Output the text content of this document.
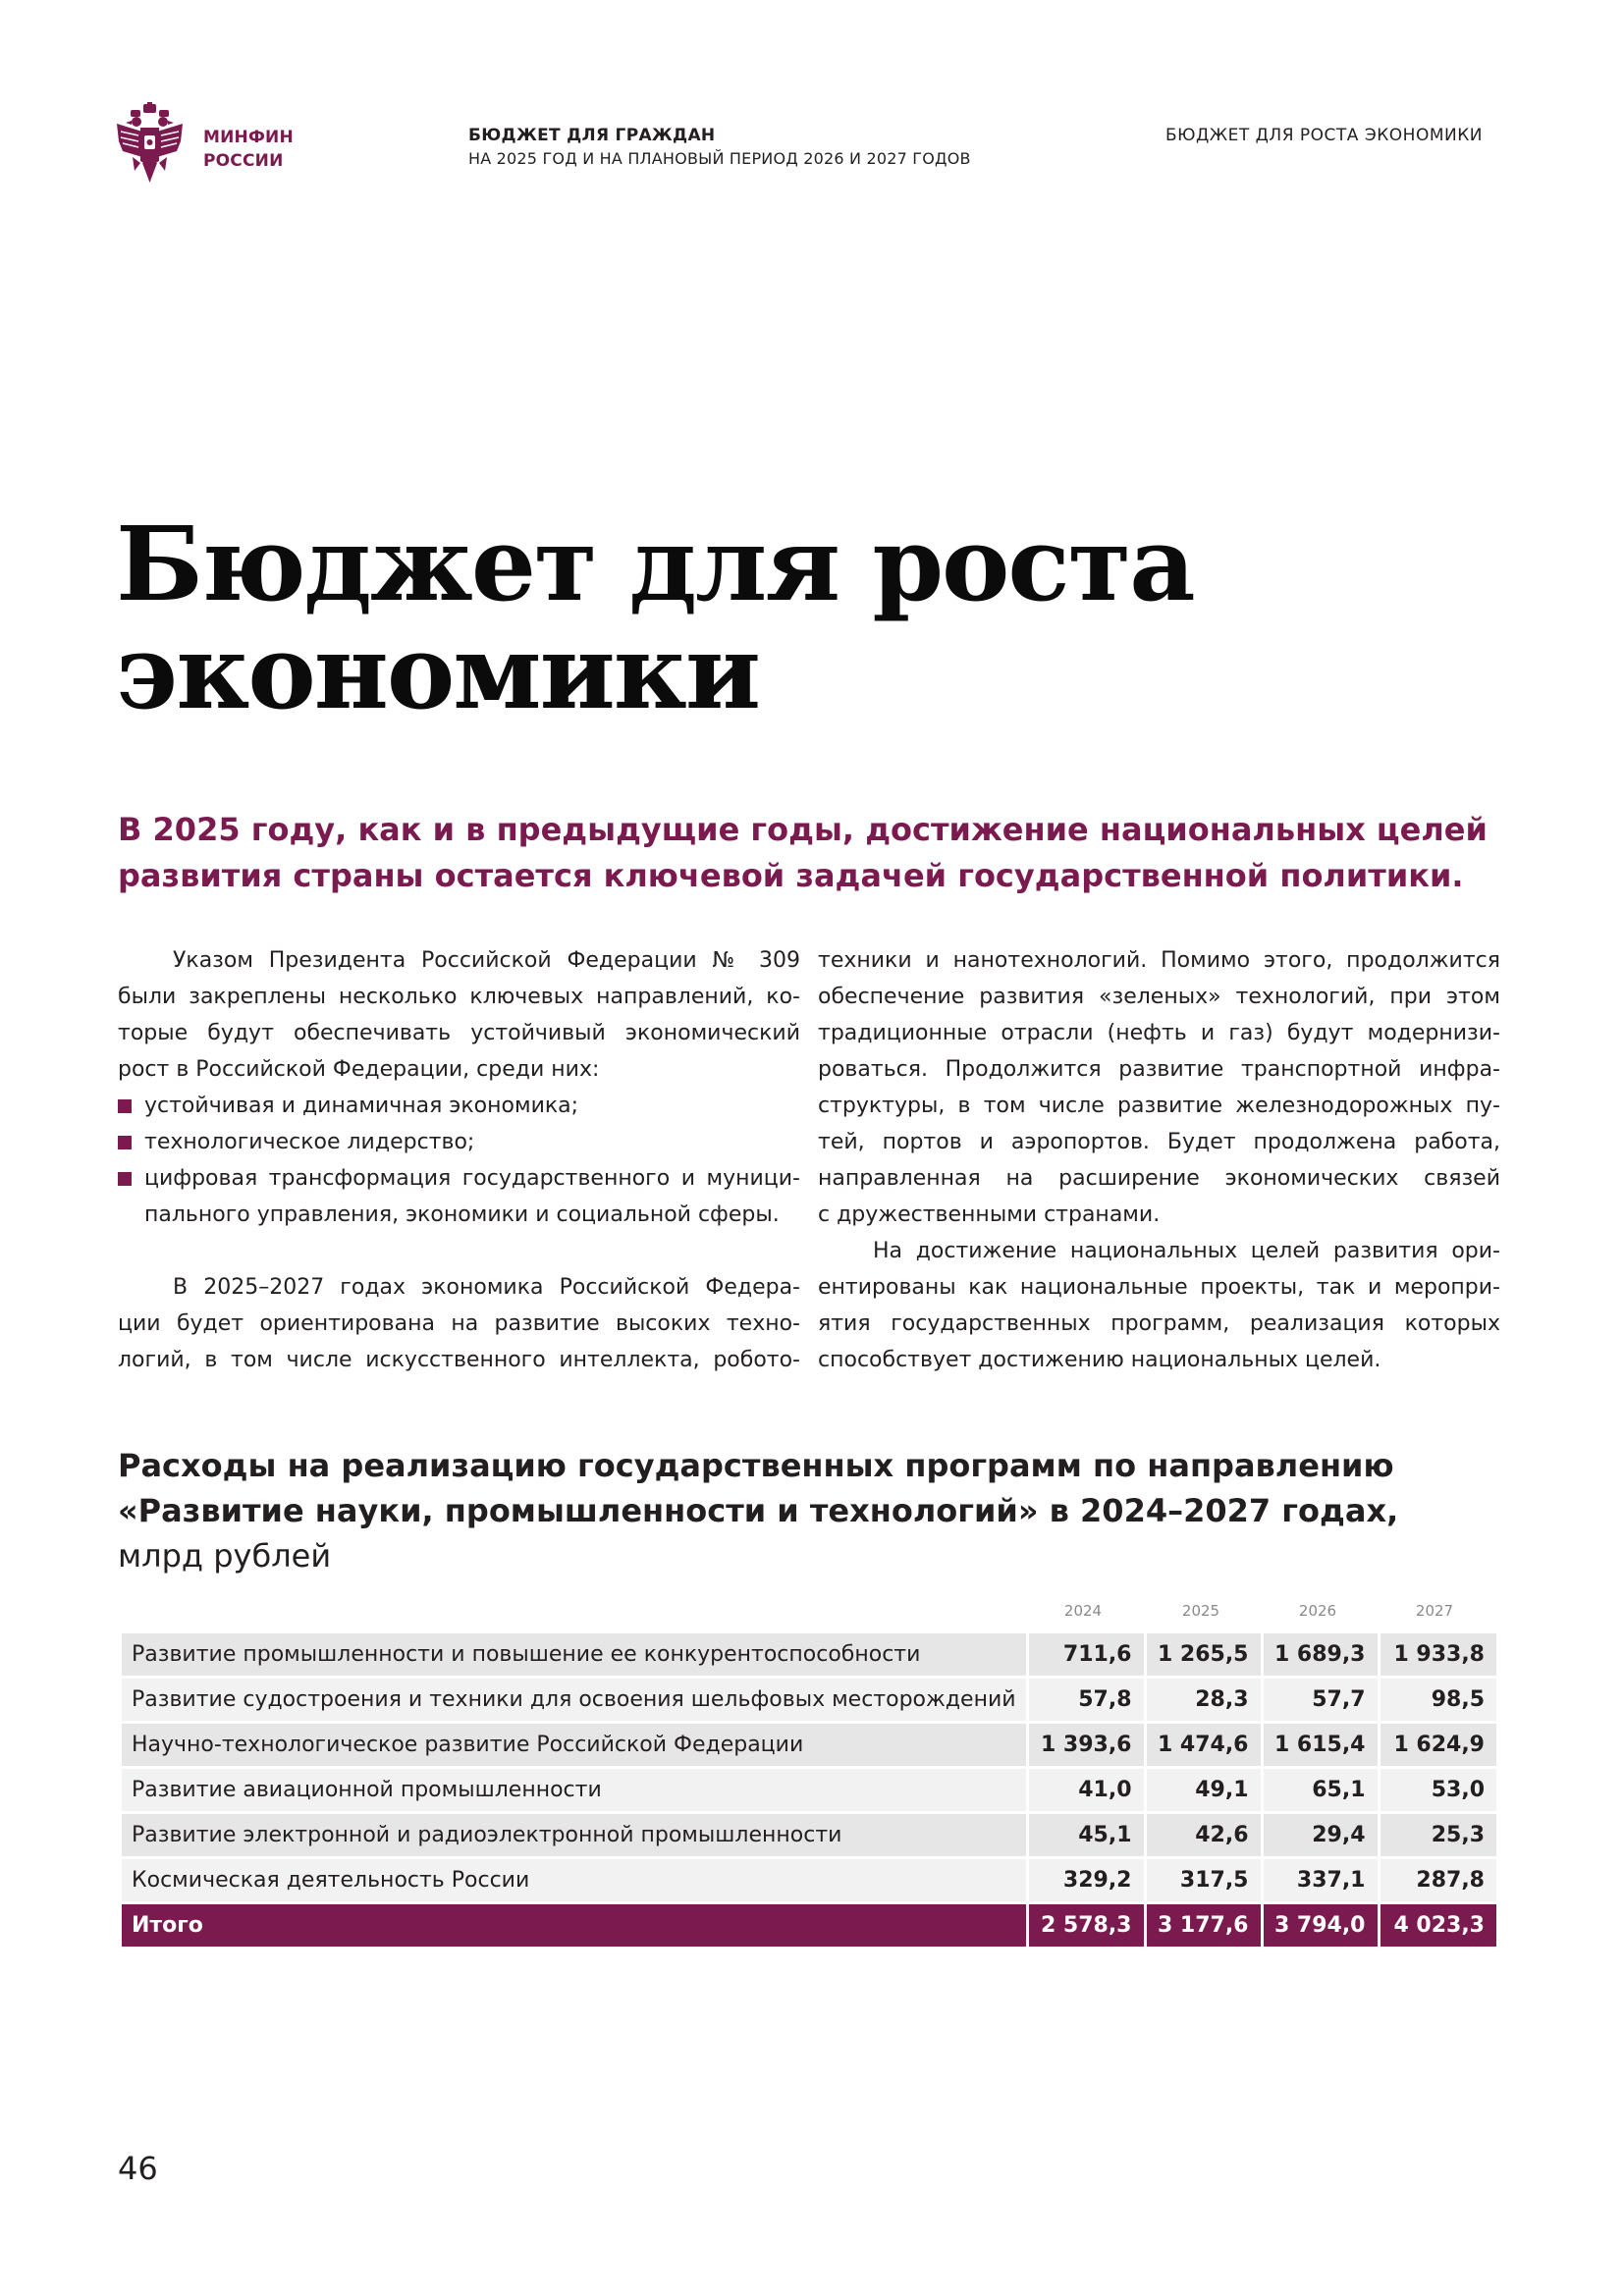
МИНФИН
РОССИИ
БЮДЖЕТ ДЛЯ ГРАЖДАН
НА 2025 ГОД И НА ПЛАНОВЫЙ ПЕРИОД 2026 И 2027 ГОДОВ
БЮДЖЕТ ДЛЯ РОСТА ЭКОНОМИКИ
Бюджет для роста
экономики

В 2025 году, как и в предыдущие годы, достижение национальных целей
развития страны остается ключевой задачей государственной политики.

Указом Президента Российской Федерации № 309
были закреплены несколько ключевых направлений, ко-
торые будут обеспечивать устойчивый экономический
рост в Российской Федерации, среди них:
устойчивая и динамичная экономика;
технологическое лидерство;
цифровая трансформация государственного и муници-
пального управления, экономики и социальной сферы.
В 2025–2027 годах экономика Российской Федера-
ции будет ориентирована на развитие высоких техно-
логий, в том числе искусственного интеллекта, робото-
техники и нанотехнологий. Помимо этого, продолжится
обеспечение развития «зеленых» технологий, при этом
традиционные отрасли (нефть и газ) будут модернизи-
роваться. Продолжится развитие транспортной инфра-
структуры, в том числе развитие железнодорожных пу-
тей, портов и аэропортов. Будет продолжена работа,
направленная на расширение экономических связей
с дружественными странами.
На достижение национальных целей развития ори-
ентированы как национальные проекты, так и меропри-
ятия государственных программ, реализация которых
способствует достижению национальных целей.
Расходы на реализацию государственных программ по направлению
«Развитие науки, промышленности и технологий» в 2024–2027 годах,
млрд рублей
2024	2025	2026	2027
Развитие промышленности и повышение ее конкурентоспособности	711,6	1 265,5	1 689,3	1 933,8
Развитие судостроения и техники для освоения шельфовых месторождений	57,8	28,3	57,7	98,5
Научно-технологическое развитие Российской Федерации	1 393,6	1 474,6	1 615,4	1 624,9
Развитие авиационной промышленности	41,0	49,1	65,1	53,0
Развитие электронной и радиоэлектронной промышленности	45,1	42,6	29,4	25,3
Космическая деятельность России	329,2	317,5	337,1	287,8
Итого	2 578,3	3 177,6	3 794,0	4 023,3
46
